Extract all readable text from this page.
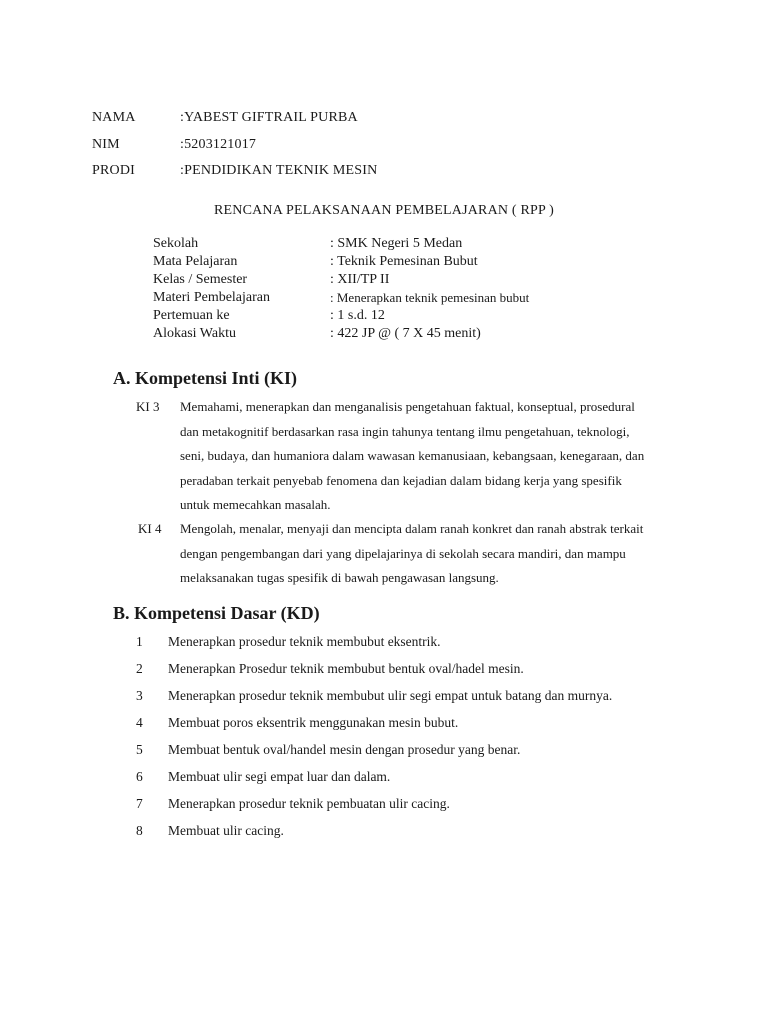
NAMA	:YABEST GIFTRAIL PURBA
NIM	:5203121017
PRODI	:PENDIDIKAN TEKNIK MESIN
RENCANA PELAKSANAAN PEMBELAJARAN ( RPP )
Sekolah	: SMK Negeri 5 Medan
Mata Pelajaran	: Teknik Pemesinan Bubut
Kelas / Semester	: XII/TP II
Materi Pembelajaran	: Menerapkan teknik pemesinan bubut
Pertemuan ke	: 1 s.d. 12
Alokasi Waktu	: 422 JP @ ( 7 X 45 menit)
A. Kompetensi Inti (KI)
KI 3 Memahami, menerapkan dan menganalisis pengetahuan faktual, konseptual, prosedural
dan metakognitif berdasarkan rasa ingin tahunya tentang ilmu pengetahuan, teknologi,
seni, budaya, dan humaniora dalam wawasan kemanusiaan, kebangsaan, kenegaraan, dan
peradaban terkait penyebab fenomena dan kejadian dalam bidang kerja yang spesifik
untuk memecahkan masalah.
KI 4 Mengolah, menalar, menyaji dan mencipta dalam ranah konkret dan ranah abstrak terkait
dengan pengembangan dari yang dipelajarinya di sekolah secara mandiri, dan mampu
melaksanakan tugas spesifik di bawah pengawasan langsung.
B. Kompetensi Dasar (KD)
1 Menerapkan prosedur teknik membubut eksentrik.
2 Menerapkan Prosedur teknik membubut bentuk oval/hadel mesin.
3 Menerapkan prosedur teknik membubut ulir segi empat untuk batang dan murnya.
4 Membuat poros eksentrik menggunakan mesin bubut.
5 Membuat bentuk oval/handel mesin dengan prosedur yang benar.
6 Membuat ulir segi empat luar dan dalam.
7 Menerapkan prosedur teknik pembuatan ulir cacing.
8 Membuat ulir cacing.
